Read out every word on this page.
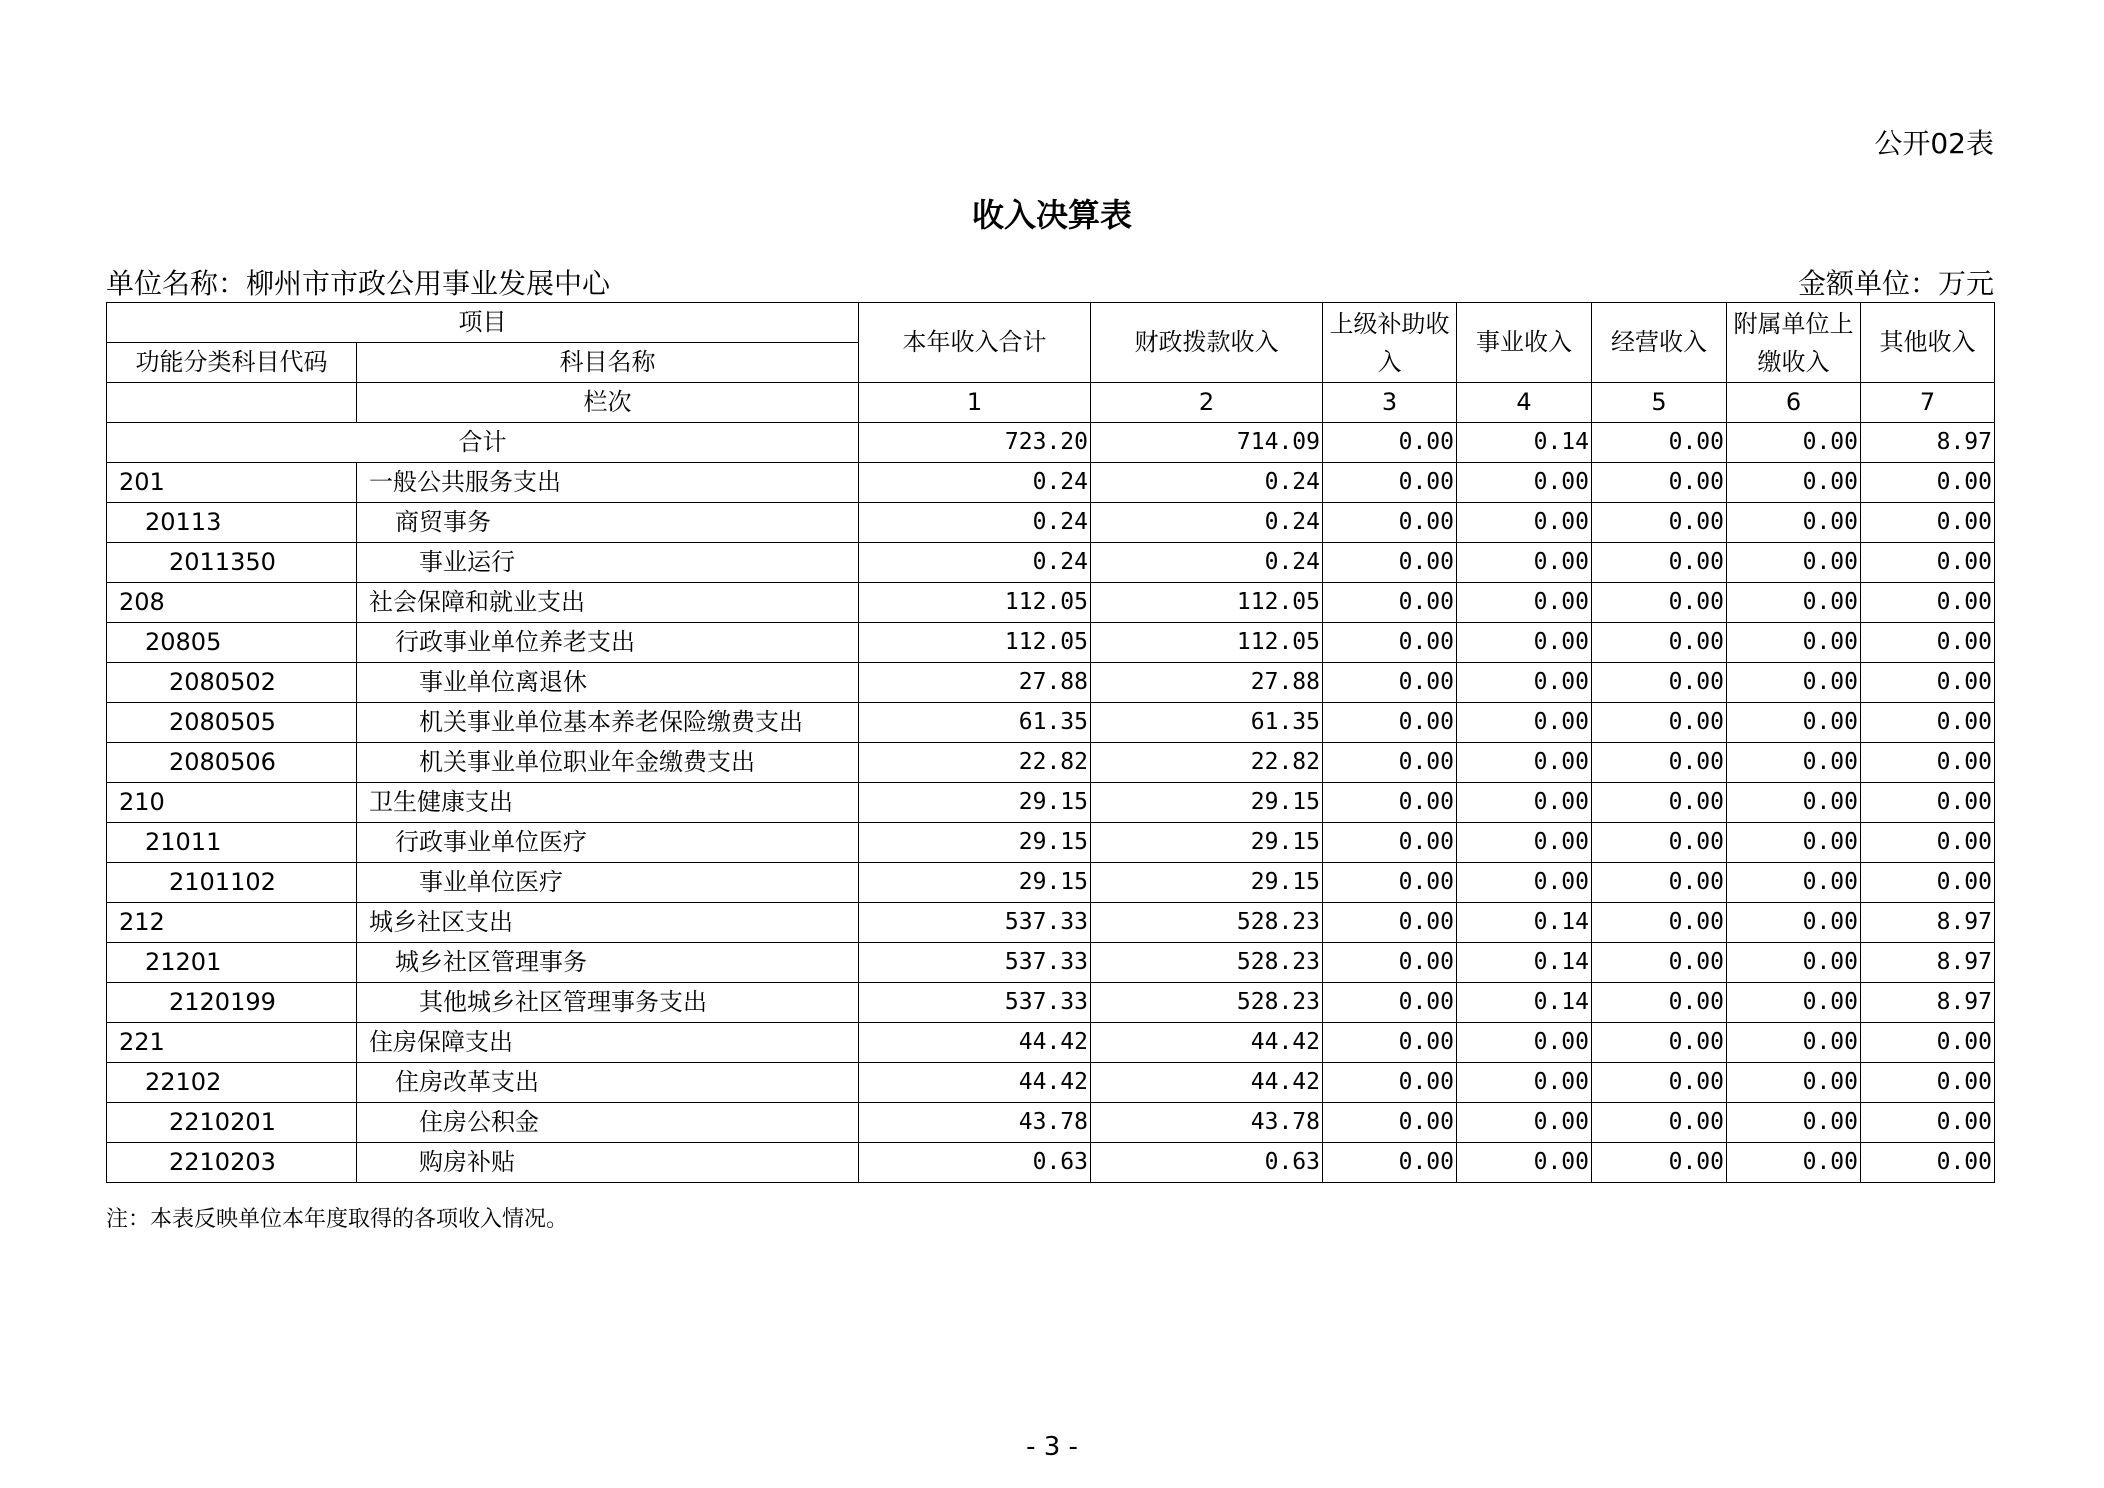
公开02表
收入决算表
单位名称：柳州市市政公用事业发展中心	金额单位：万元
项目		本年收入合计	财政拨款收入	上级补助收入	事业收入	经营收入	附属单位上缴收入	其他收入
功能分类科目代码	科目名称							
	栏次	1	2	3	4	5	6	7
合计		723.20	714.09	0.00	0.14	0.00	0.00	8.97
201	一般公共服务支出	0.24	0.24	0.00	0.00	0.00	0.00	0.00
20113	商贸事务	0.24	0.24	0.00	0.00	0.00	0.00	0.00
2011350	事业运行	0.24	0.24	0.00	0.00	0.00	0.00	0.00
208	社会保障和就业支出	112.05	112.05	0.00	0.00	0.00	0.00	0.00
20805	行政事业单位养老支出	112.05	112.05	0.00	0.00	0.00	0.00	0.00
2080502	事业单位离退休	27.88	27.88	0.00	0.00	0.00	0.00	0.00
2080505	机关事业单位基本养老保险缴费支出	61.35	61.35	0.00	0.00	0.00	0.00	0.00
2080506	机关事业单位职业年金缴费支出	22.82	22.82	0.00	0.00	0.00	0.00	0.00
210	卫生健康支出	29.15	29.15	0.00	0.00	0.00	0.00	0.00
21011	行政事业单位医疗	29.15	29.15	0.00	0.00	0.00	0.00	0.00
2101102	事业单位医疗	29.15	29.15	0.00	0.00	0.00	0.00	0.00
212	城乡社区支出	537.33	528.23	0.00	0.14	0.00	0.00	8.97
21201	城乡社区管理事务	537.33	528.23	0.00	0.14	0.00	0.00	8.97
2120199	其他城乡社区管理事务支出	537.33	528.23	0.00	0.14	0.00	0.00	8.97
221	住房保障支出	44.42	44.42	0.00	0.00	0.00	0.00	0.00
22102	住房改革支出	44.42	44.42	0.00	0.00	0.00	0.00	0.00
2210201	住房公积金	43.78	43.78	0.00	0.00	0.00	0.00	0.00
2210203	购房补贴	0.63	0.63	0.00	0.00	0.00	0.00	0.00
注：本表反映单位本年度取得的各项收入情况。
- 3 -
